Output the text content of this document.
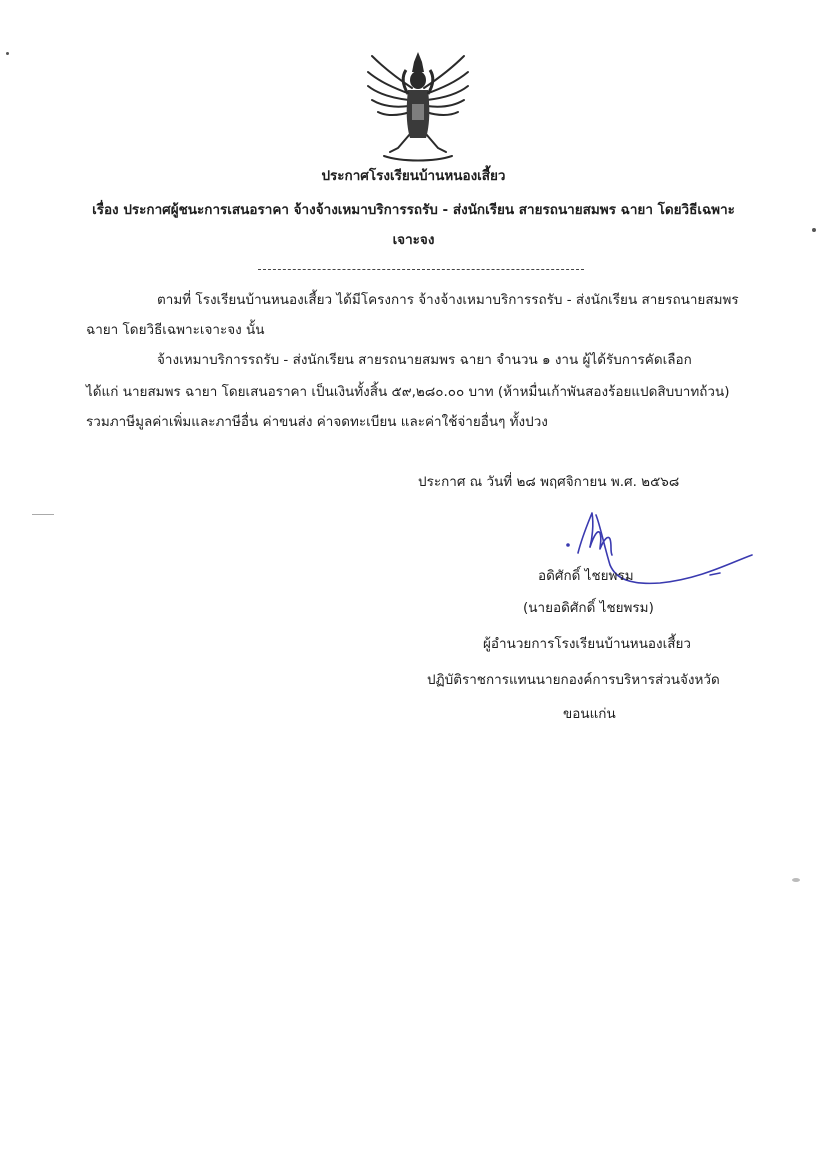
ประกาศโรงเรียนบ้านหนองเสี้ยว
เรื่อง ประกาศผู้ชนะการเสนอราคา จ้างจ้างเหมาบริการรถรับ - ส่งนักเรียน สายรถนายสมพร ฉายา โดยวิธีเฉพาะ
เจาะจง
ตามที่ โรงเรียนบ้านหนองเสี้ยว ได้มีโครงการ จ้างจ้างเหมาบริการรถรับ - ส่งนักเรียน สายรถนายสมพร
ฉายา โดยวิธีเฉพาะเจาะจง นั้น
จ้างเหมาบริการรถรับ - ส่งนักเรียน สายรถนายสมพร ฉายา จำนวน ๑ งาน ผู้ได้รับการคัดเลือก
ได้แก่ นายสมพร ฉายา โดยเสนอราคา เป็นเงินทั้งสิ้น ๕๙,๒๘๐.๐๐ บาท (ห้าหมื่นเก้าพันสองร้อยแปดสิบบาทถ้วน)
รวมภาษีมูลค่าเพิ่มและภาษีอื่น ค่าขนส่ง ค่าจดทะเบียน และค่าใช้จ่ายอื่นๆ ทั้งปวง
ประกาศ ณ วันที่ ๒๘ พฤศจิกายน พ.ศ. ๒๕๖๘
อดิศักดิ์ ไชยพรม
(นายอดิศักดิ์ ไชยพรม)
ผู้อำนวยการโรงเรียนบ้านหนองเสี้ยว
ปฏิบัติราชการแทนนายกองค์การบริหารส่วนจังหวัด
ขอนแก่น
